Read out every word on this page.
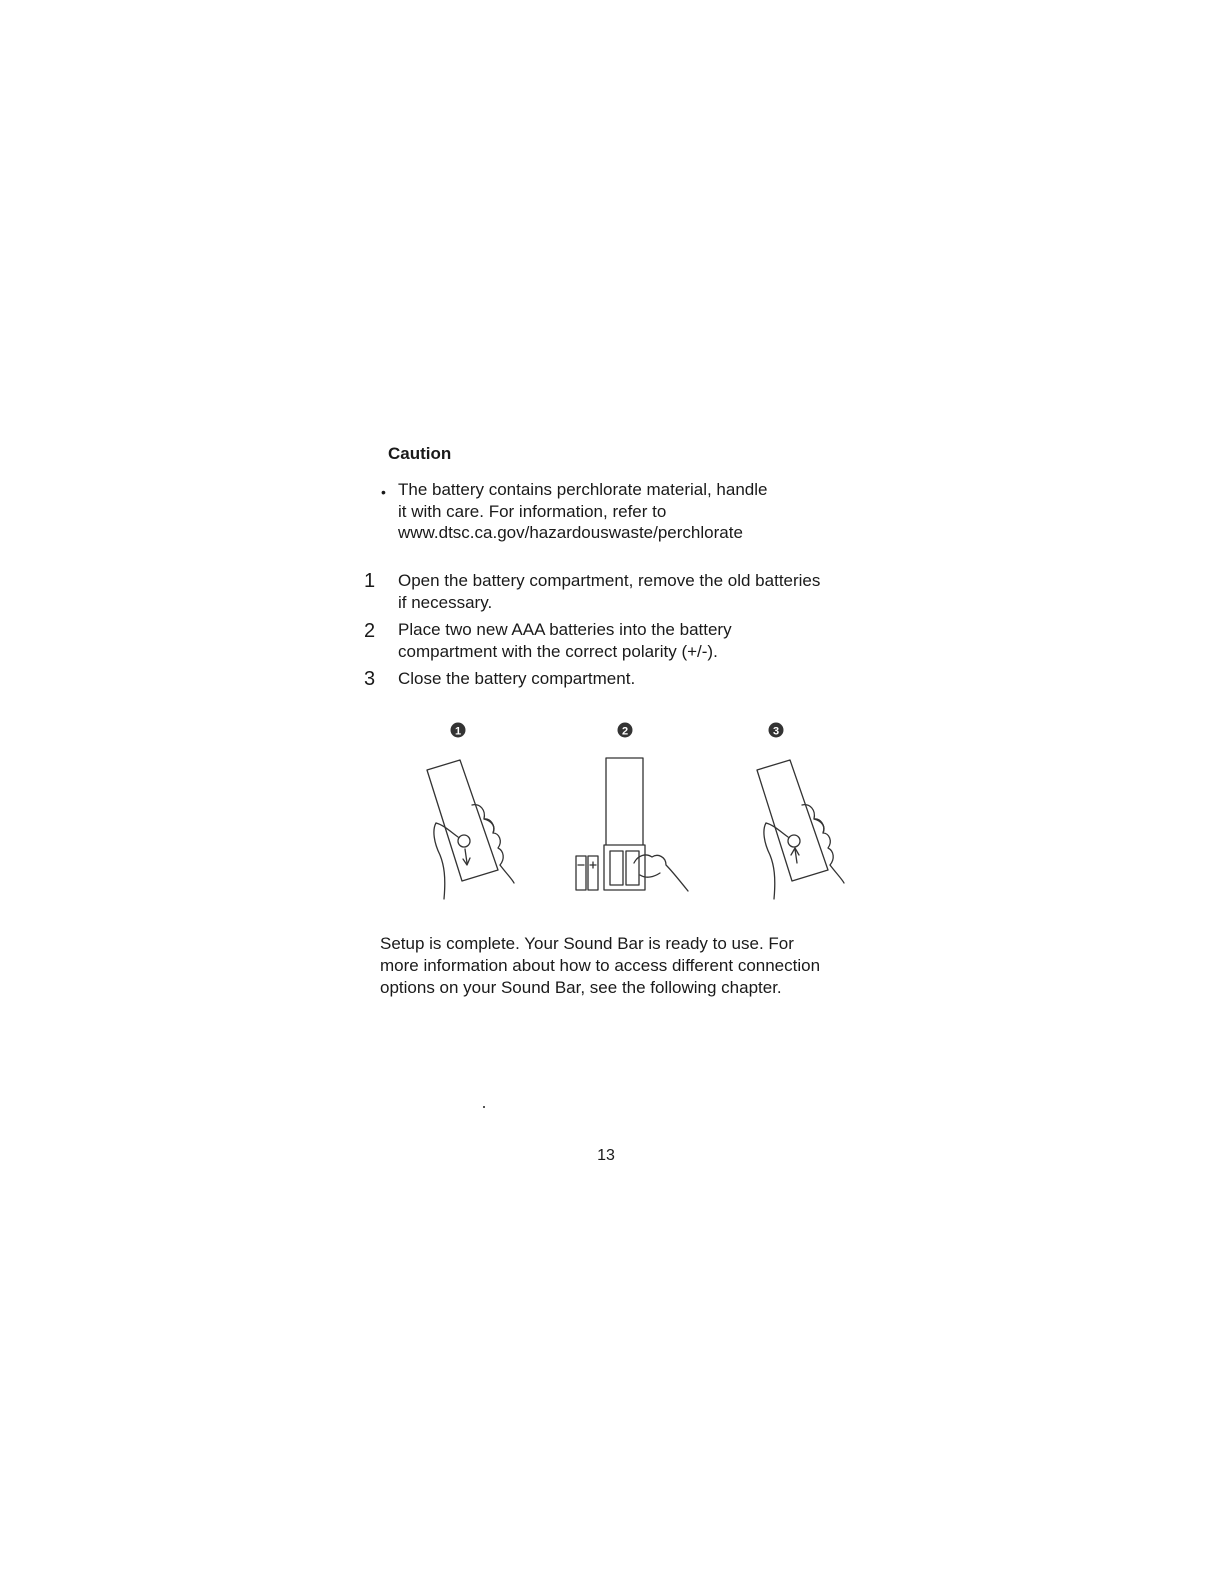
Caution
• The battery contains perchlorate material, handle
it with care. For information, refer to
www.dtsc.ca.gov/hazardouswaste/perchlorate
1 Open the battery compartment, remove the old batteries
if necessary.
2 Place two new AAA batteries into the battery
compartment with the correct polarity (+/-).
3 Close the battery compartment.
1	2	3
Setup is complete. Your Sound Bar is ready to use. For
more information about how to access different connection
options on your Sound Bar, see the following chapter.
13
